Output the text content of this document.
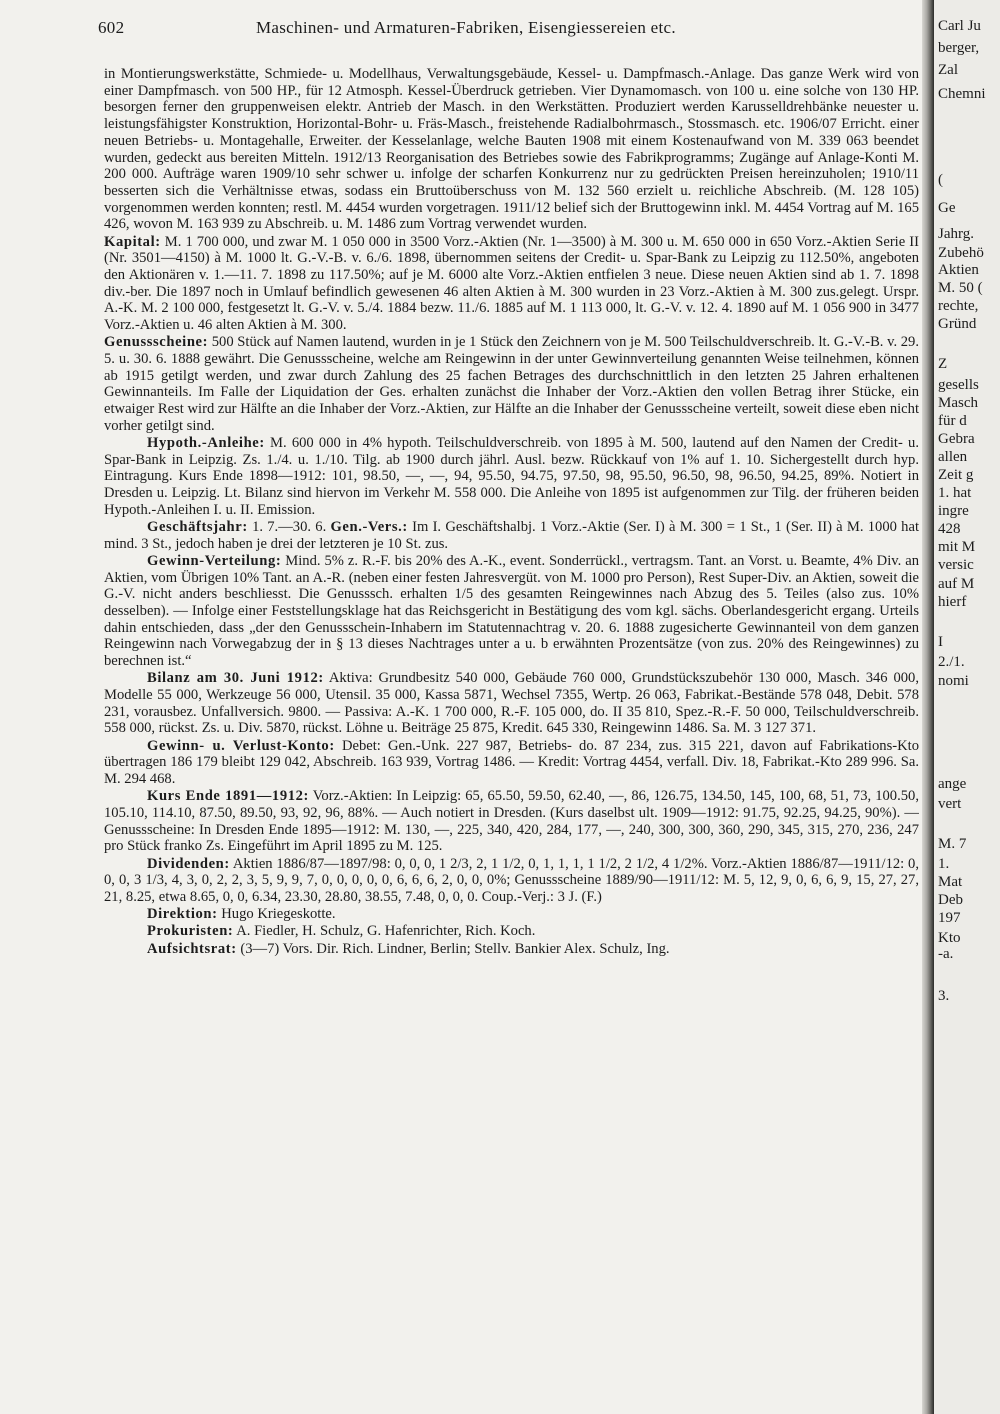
602	Maschinen- und Armaturen-Fabriken, Eisengiessereien etc.

in Montierungswerkstätte, Schmiede- u. Modellhaus, Verwaltungsgebäude, Kessel- u. Dampfmasch.-Anlage. Das ganze Werk wird von einer Dampfmasch. von 500 HP., für 12 Atmosph. Kessel-Überdruck getrieben. Vier Dynamomasch. von 100 u. eine solche von 130 HP. besorgen ferner den gruppenweisen elektr. Antrieb der Masch. in den Werkstätten. Produziert werden Karusselldrehbänke neuester u. leistungsfähigster Konstruktion, Horizontal-Bohr- u. Fräs-Masch., freistehende Radialbohrmasch., Stossmasch. etc. 1906/07 Erricht. einer neuen Betriebs- u. Montagehalle, Erweiter. der Kesselanlage, welche Bauten 1908 mit einem Kostenaufwand von M. 339 063 beendet wurden, gedeckt aus bereiten Mitteln. 1912/13 Reorganisation des Betriebes sowie des Fabrikprogramms; Zugänge auf Anlage-Konti M. 200 000. Aufträge waren 1909/10 sehr schwer u. infolge der scharfen Konkurrenz nur zu gedrückten Preisen hereinzuholen; 1910/11 besserten sich die Verhältnisse etwas, sodass ein Bruttoüberschuss von M. 132 560 erzielt u. reichliche Abschreib. (M. 128 105) vorgenommen werden konnten; restl. M. 4454 wurden vorgetragen. 1911/12 belief sich der Bruttogewinn inkl. M. 4454 Vortrag auf M. 165 426, wovon M. 163 939 zu Abschreib. u. M. 1486 zum Vortrag verwendet wurden.

Kapital: M. 1 700 000, und zwar M. 1 050 000 in 3500 Vorz.-Aktien (Nr. 1—3500) à M. 300 u. M. 650 000 in 650 Vorz.-Aktien Serie II (Nr. 3501—4150) à M. 1000 lt. G.-V.-B. v. 6./6. 1898, übernommen seitens der Credit- u. Spar-Bank zu Leipzig zu 112.50%, angeboten den Aktionären v. 1.—11. 7. 1898 zu 117.50%; auf je M. 6000 alte Vorz.-Aktien entfielen 3 neue. Diese neuen Aktien sind ab 1. 7. 1898 div.-ber. Die 1897 noch in Umlauf befindlich gewesenen 46 alten Aktien à M. 300 wurden in 23 Vorz.-Aktien à M. 300 zus.gelegt. Urspr. A.-K. M. 2 100 000, festgesetzt lt. G.-V. v. 5./4. 1884 bezw. 11./6. 1885 auf M. 1 113 000, lt. G.-V. v. 12. 4. 1890 auf M. 1 056 900 in 3477 Vorz.-Aktien u. 46 alten Aktien à M. 300.

Genussscheine: 500 Stück auf Namen lautend, wurden in je 1 Stück den Zeichnern von je M. 500 Teilschuldverschreib. lt. G.-V.-B. v. 29. 5. u. 30. 6. 1888 gewährt. Die Genussscheine, welche am Reingewinn in der unter Gewinnverteilung genannten Weise teilnehmen, können ab 1915 getilgt werden, und zwar durch Zahlung des 25 fachen Betrages des durchschnittlich in den letzten 25 Jahren erhaltenen Gewinnanteils. Im Falle der Liquidation der Ges. erhalten zunächst die Inhaber der Vorz.-Aktien den vollen Betrag ihrer Stücke, ein etwaiger Rest wird zur Hälfte an die Inhaber der Vorz.-Aktien, zur Hälfte an die Inhaber der Genussscheine verteilt, soweit diese eben nicht vorher getilgt sind.

Hypoth.-Anleihe: M. 600 000 in 4% hypoth. Teilschuldverschreib. von 1895 à M. 500, lautend auf den Namen der Credit- u. Spar-Bank in Leipzig. Zs. 1./4. u. 1./10. Tilg. ab 1900 durch jährl. Ausl. bezw. Rückkauf von 1% auf 1. 10. Sichergestellt durch hyp. Eintragung. Kurs Ende 1898—1912: 101, 98.50, —, —, 94, 95.50, 94.75, 97.50, 98, 95.50, 96.50, 98, 96.50, 94.25, 89%. Notiert in Dresden u. Leipzig. Lt. Bilanz sind hiervon im Verkehr M. 558 000. Die Anleihe von 1895 ist aufgenommen zur Tilg. der früheren beiden Hypoth.-Anleihen I. u. II. Emission.

Geschäftsjahr: 1. 7.—30. 6. Gen.-Vers.: Im I. Geschäftshalbj. 1 Vorz.-Aktie (Ser. I) à M. 300 = 1 St., 1 (Ser. II) à M. 1000 hat mind. 3 St., jedoch haben je drei der letzteren je 10 St. zus.

Gewinn-Verteilung: Mind. 5% z. R.-F. bis 20% des A.-K., event. Sonderrückl., vertragsm. Tant. an Vorst. u. Beamte, 4% Div. an Aktien, vom Übrigen 10% Tant. an A.-R. (neben einer festen Jahresvergüt. von M. 1000 pro Person), Rest Super-Div. an Aktien, soweit die G.-V. nicht anders beschliesst. Die Genusssch. erhalten 1/5 des gesamten Reingewinnes nach Abzug des 5. Teiles (also zus. 10% desselben). — Infolge einer Feststellungsklage hat das Reichsgericht in Bestätigung des vom kgl. sächs. Oberlandesgericht ergang. Urteils dahin entschieden, dass „der den Genussschein-Inhabern im Statutennachtrag v. 20. 6. 1888 zugesicherte Gewinnanteil von dem ganzen Reingewinn nach Vorwegabzug der in § 13 dieses Nachtrages unter a u. b erwähnten Prozentsätze (von zus. 20% des Reingewinnes) zu berechnen ist.“

Bilanz am 30. Juni 1912: Aktiva: Grundbesitz 540 000, Gebäude 760 000, Grundstückszubehör 130 000, Masch. 346 000, Modelle 55 000, Werkzeuge 56 000, Utensil. 35 000, Kassa 5871, Wechsel 7355, Wertp. 26 063, Fabrikat.-Bestände 578 048, Debit. 578 231, vorausbez. Unfallversich. 9800. — Passiva: A.-K. 1 700 000, R.-F. 105 000, do. II 35 810, Spez.-R.-F. 50 000, Teilschuldverschreib. 558 000, rückst. Zs. u. Div. 5870, rückst. Löhne u. Beiträge 25 875, Kredit. 645 330, Reingewinn 1486. Sa. M. 3 127 371.

Gewinn- u. Verlust-Konto: Debet: Gen.-Unk. 227 987, Betriebs- do. 87 234, zus. 315 221, davon auf Fabrikations-Kto übertragen 186 179 bleibt 129 042, Abschreib. 163 939, Vortrag 1486. — Kredit: Vortrag 4454, verfall. Div. 18, Fabrikat.-Kto 289 996. Sa. M. 294 468.

Kurs Ende 1891—1912: Vorz.-Aktien: In Leipzig: 65, 65.50, 59.50, 62.40, —, 86, 126.75, 134.50, 145, 100, 68, 51, 73, 100.50, 105.10, 114.10, 87.50, 89.50, 93, 92, 96, 88%. — Auch notiert in Dresden. (Kurs daselbst ult. 1909—1912: 91.75, 92.25, 94.25, 90%). — Genussscheine: In Dresden Ende 1895—1912: M. 130, —, 225, 340, 420, 284, 177, —, 240, 300, 300, 360, 290, 345, 315, 270, 236, 247 pro Stück franko Zs. Eingeführt im April 1895 zu M. 125.

Dividenden: Aktien 1886/87—1897/98: 0, 0, 0, 1 2/3, 2, 1 1/2, 0, 1, 1, 1, 1 1/2, 2 1/2, 4 1/2%. Vorz.-Aktien 1886/87—1911/12: 0, 0, 0, 3 1/3, 4, 3, 0, 2, 2, 3, 5, 9, 9, 7, 0, 0, 0, 0, 0, 6, 6, 6, 2, 0, 0, 0%; Genussscheine 1889/90—1911/12: M. 5, 12, 9, 0, 6, 6, 9, 15, 27, 27, 21, 8.25, etwa 8.65, 0, 0, 6.34, 23.30, 28.80, 38.55, 7.48, 0, 0, 0. Coup.-Verj.: 3 J. (F.)

Direktion: Hugo Kriegeskotte.

Prokuristen: A. Fiedler, H. Schulz, G. Hafenrichter, Rich. Koch.

Aufsichtsrat: (3—7) Vors. Dir. Rich. Lindner, Berlin; Stellv. Bankier Alex. Schulz, Ing.

Carl Ju
berger,
Zal
Chemni
(
Ge
Jahrg.
Zubehö
Aktien
M. 50 (
rechte,
Gründ
Z
gesells
Masch
für d
Gebra
allen
Zeit g
1. hat
ingre
428
mit M
versic
auf M
hierf
I
2./1.
nomi
ange
vert
M. 7
1.
Mat
Deb
197
Kto
-a.
3.
